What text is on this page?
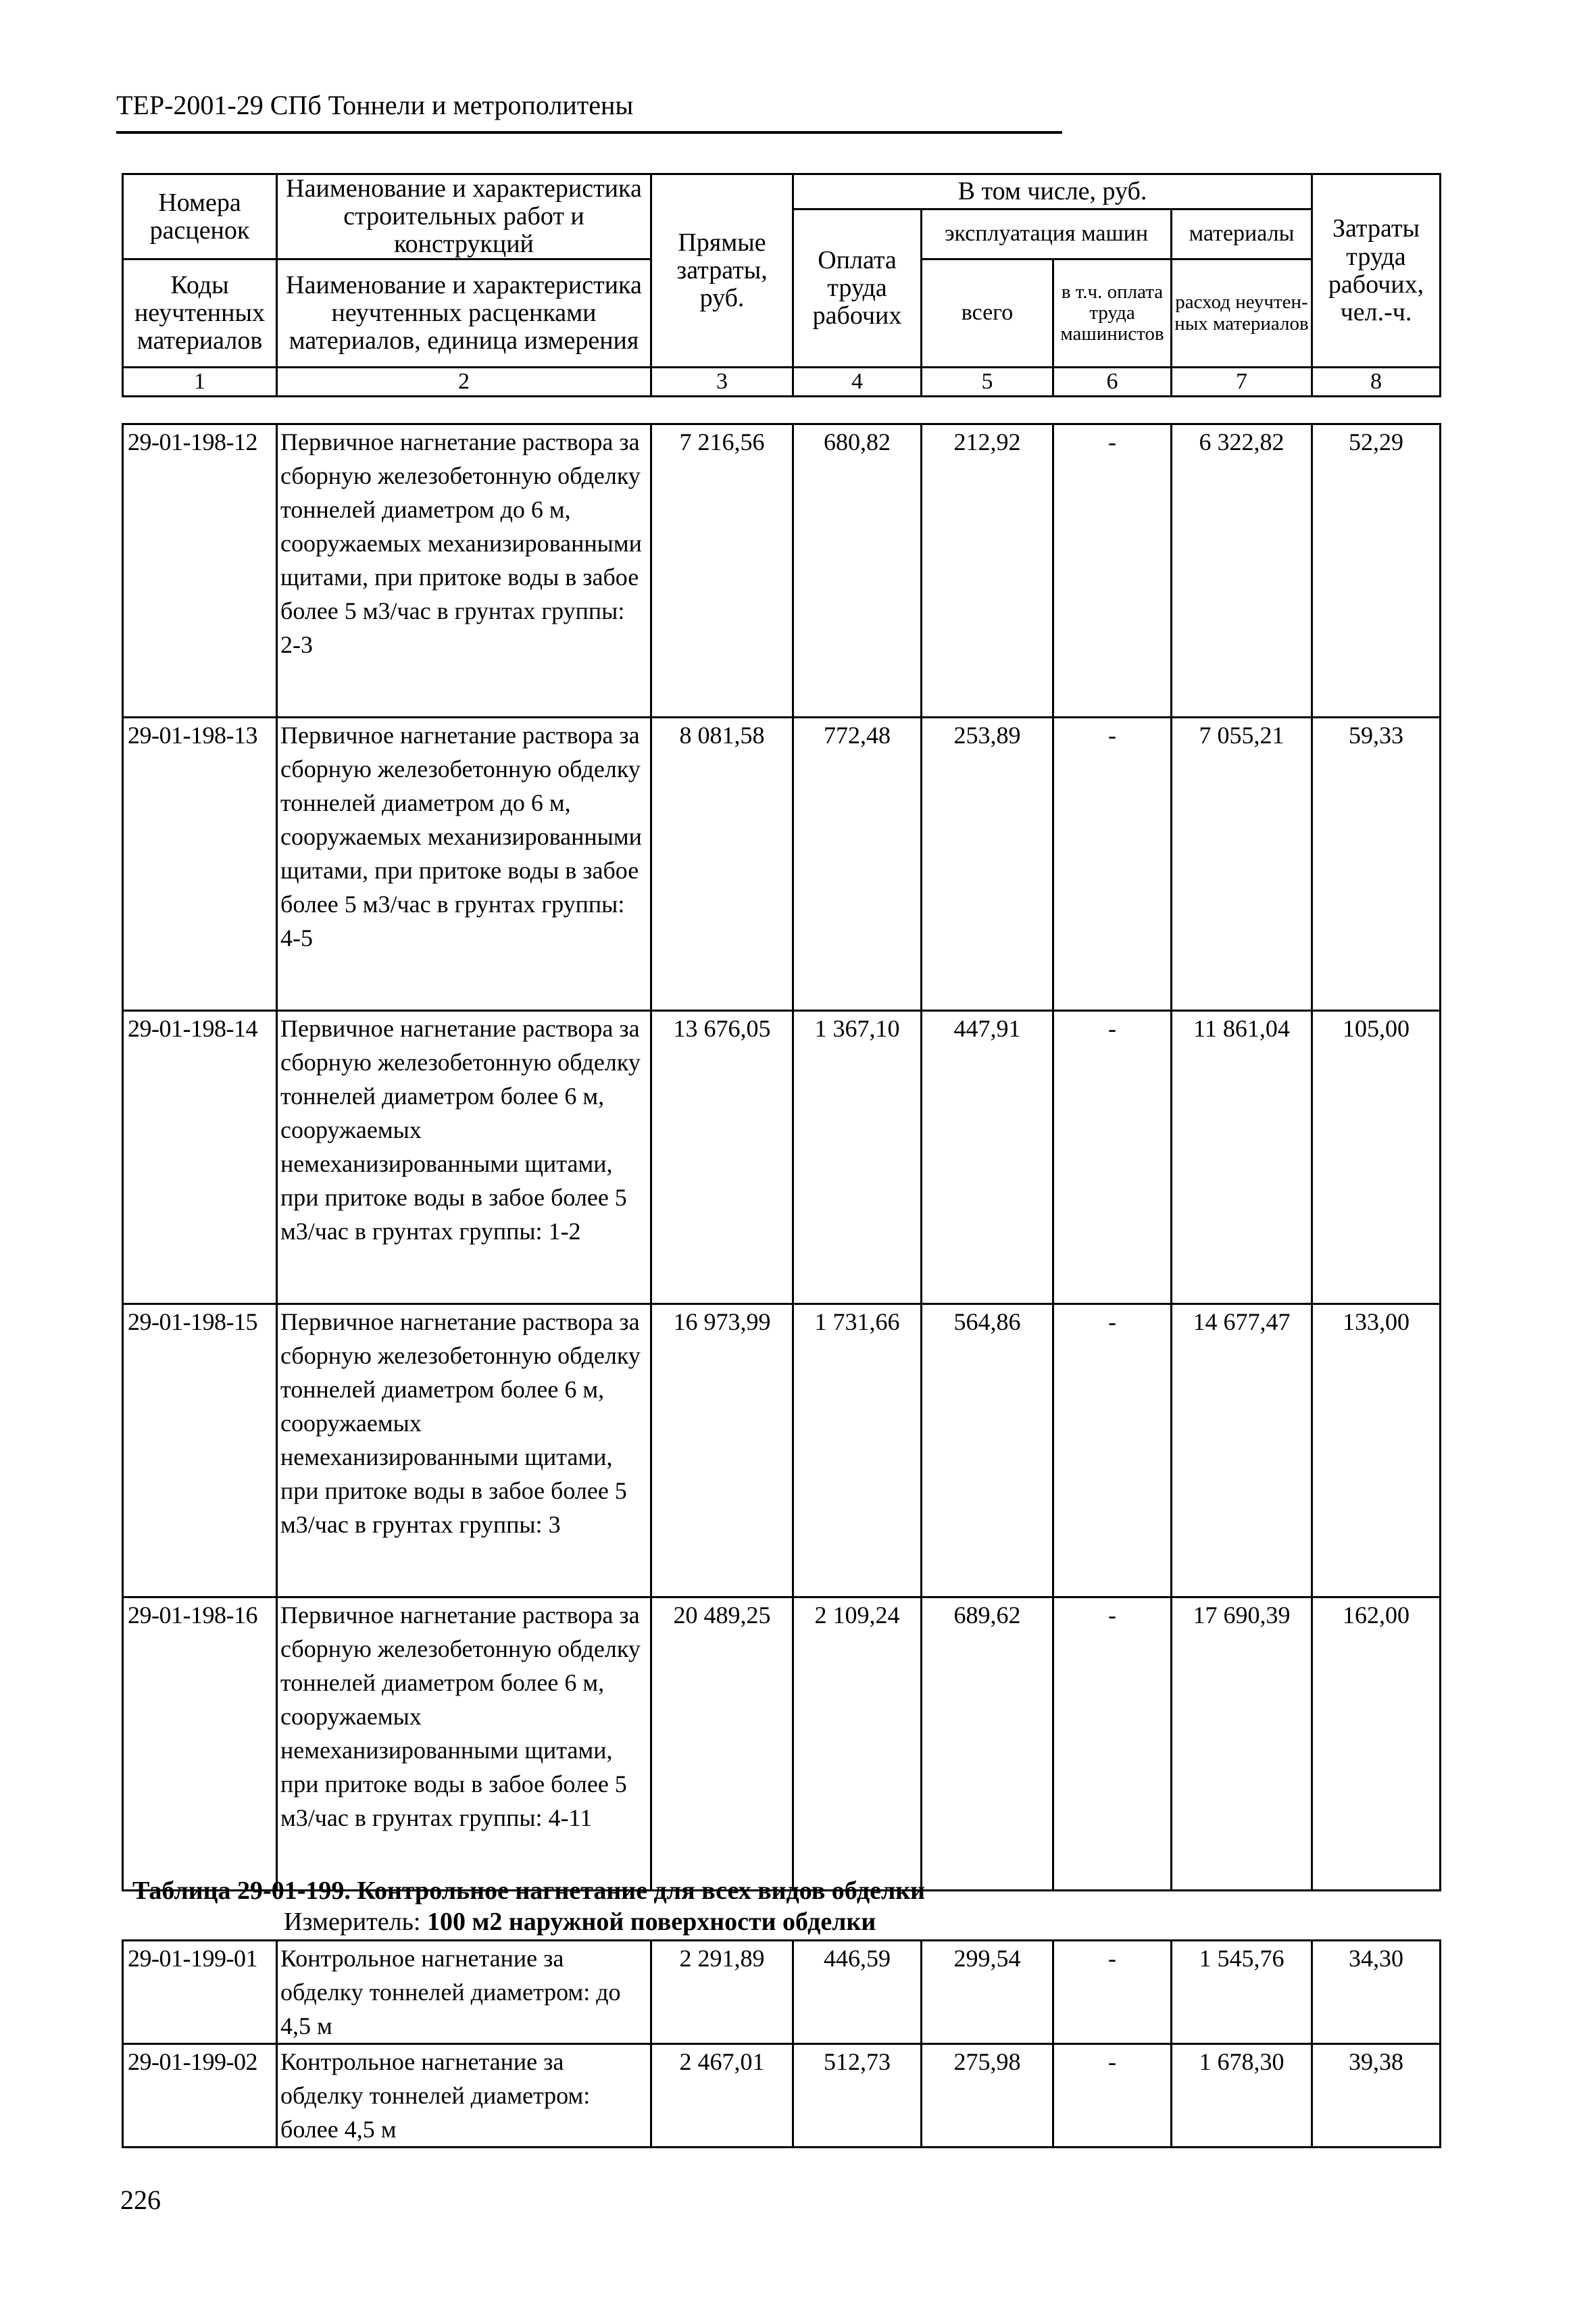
ТЕР-2001-29 СПб Тоннели и метрополитены
Номера расценок	Наименование и характеристика строительных работ и конструкций	Прямые затраты, руб.	В том числе, руб.				Затраты труда рабочих, чел.-ч.
			Оплата труда рабочих	эксплуатация машин		материалы	
Коды неучтенных материалов	Наименование и характеристика неучтенных расценками материалов, единица измерения			всего	в т.ч. оплата труда машинистов	расход неучтен-ных материалов	
1	2	3	4	5	6	7	8
29-01-198-12	Первичное нагнетание раствора за сборную железобетонную обделку тоннелей диаметром до 6 м, сооружаемых механизированными щитами, при притоке воды в забое более 5 м3/час в грунтах группы: 2-3	7 216,56	680,82	212,92	-	6 322,82	52,29
29-01-198-13	Первичное нагнетание раствора за сборную железобетонную обделку тоннелей диаметром до 6 м, сооружаемых механизированными щитами, при притоке воды в забое более 5 м3/час в грунтах группы: 4-5	8 081,58	772,48	253,89	-	7 055,21	59,33
29-01-198-14	Первичное нагнетание раствора за сборную железобетонную обделку тоннелей диаметром более 6 м, сооружаемых немеханизированными щитами, при притоке воды в забое более 5 м3/час в грунтах группы: 1-2	13 676,05	1 367,10	447,91	-	11 861,04	105,00
29-01-198-15	Первичное нагнетание раствора за сборную железобетонную обделку тоннелей диаметром более 6 м, сооружаемых немеханизированными щитами, при притоке воды в забое более 5 м3/час в грунтах группы: 3	16 973,99	1 731,66	564,86	-	14 677,47	133,00
29-01-198-16	Первичное нагнетание раствора за сборную железобетонную обделку тоннелей диаметром более 6 м, сооружаемых немеханизированными щитами, при притоке воды в забое более 5 м3/час в грунтах группы: 4-11	20 489,25	2 109,24	689,62	-	17 690,39	162,00
Таблица 29-01-199. Контрольное нагнетание для всех видов обделки
Измеритель: 100 м2 наружной поверхности обделки
29-01-199-01	Контрольное нагнетание за обделку тоннелей диаметром: до 4,5 м	2 291,89	446,59	299,54	-	1 545,76	34,30
29-01-199-02	Контрольное нагнетание за обделку тоннелей диаметром: более 4,5 м	2 467,01	512,73	275,98	-	1 678,30	39,38
226
